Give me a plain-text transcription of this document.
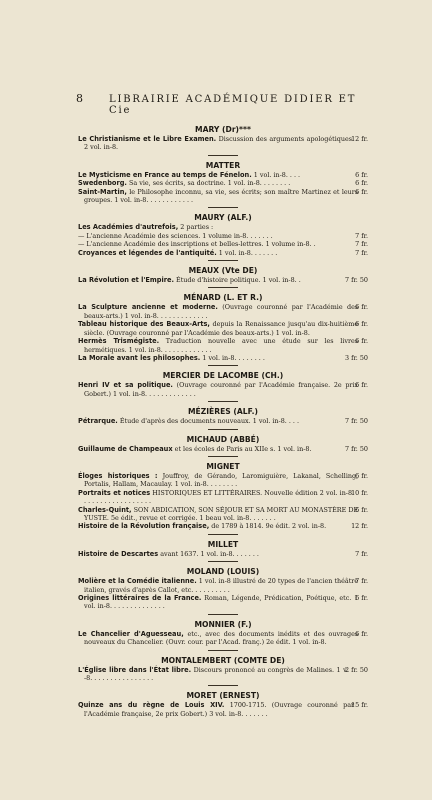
8	LIBRAIRIE ACADÉMIQUE DIDIER ET Cie
MARY (Dr)***
12 fr.
Le Christianisme et le Libre Examen. Discussion des arguments apologétiques. 2 vol. in-8.
MATTER
6 fr.
Le Mysticisme en France au temps de Fénelon. 1 vol. in-8. . . .
6 fr.
Swedenborg. Sa vie, ses écrits, sa doctrine. 1 vol. in-8. . . . . . . .
6 fr.
Saint-Martin, le Philosophe inconnu, sa vie, ses écrits; son maître Martinez et leurs groupes. 1 vol. in-8. . . . . . . . . . . .
MAURY (ALF.)
Les Académies d'autrefois, 2 parties :
7 fr.
— L'ancienne Académie des sciences. 1 volume in-8. . . . . . .
7 fr.
— L'ancienne Académie des inscriptions et belles-lettres. 1 volume in-8. .
7 fr.
Croyances et légendes de l'antiquité. 1 vol. in-8. . . . . . .
MEAUX (Vte DE)
7 fr. 50
La Révolution et l'Empire. Étude d'histoire politique. 1 vol. in-8. .
MÉNARD (L. ET R.)
6 fr.
La Sculpture ancienne et moderne. (Ouvrage couronné par l'Académie des beaux-arts.) 1 vol. in-8. . . . . . . . . . . . .
6 fr.
Tableau historique des Beaux-Arts, depuis la Renaissance jusqu'au dix-huitième siècle. (Ouvrage couronné par l'Académie des beaux-arts.) 1 vol. in-8.
6 fr.
Hermès Trismégiste. Traduction nouvelle avec une étude sur les livres hermétiques. 1 vol. in-8. . . . . . . . . . . . .
3 fr. 50
La Morale avant les philosophes. 1 vol. in-8. . . . . . . .
MERCIER DE LACOMBE (CH.)
6 fr.
Henri IV et sa politique. (Ouvrage couronné par l'Académie française. 2e prix Gobert.) 1 vol. in-8. . . . . . . . . . . . .
MÉZIÈRES (ALF.)
7 fr. 50
Pétrarque. Étude d'après des documents nouveaux. 1 vol. in-8. . . .
MICHAUD (ABBÉ)
7 fr. 50
Guillaume de Champeaux et les écoles de Paris au XIIe s. 1 vol. in-8.
MIGNET
6 fr.
Éloges historiques : Jouffroy, de Gérando, Laromiguière, Lakanal, Schelling, Portalis, Hallam, Macaulay. 1 vol. in-8. . . . . . . .
10 fr.
Portraits et notices HISTORIQUES ET LITTÉRAIRES. Nouvelle édition 2 vol. in-8. . . . . . . . . . . . . . . . . .
6 fr.
Charles-Quint, SON ABDICATION, SON SÉJOUR ET SA MORT AU MONASTÈRE DE YUSTE. 5e édit., revue et corrigée. 1 beau vol. in-8. . . . . . .
12 fr.
Histoire de la Révolution française, de 1789 à 1814. 9e édit. 2 vol. in-8.
MILLET
7 fr.
Histoire de Descartes avant 1637. 1 vol. in-8. . . . . . .
MOLAND (LOUIS)
7 fr.
Molière et la Comédie italienne. 1 vol. in-8 illustré de 20 types de l'ancien théâtre italien, gravés d'après Callot, etc. . . . . . . . . .
6 fr.
Origines littéraires de la France. Roman, Légende, Prédication, Poétique, etc. 1 vol. in-8. . . . . . . . . . . . . .
MONNIER (F.)
6 fr.
Le Chancelier d'Aguesseau, etc., avec des documents inédits et des ouvrages nouveaux du Chancelier. (Ouvr. cour. par l'Acad. franç.) 2e édit. 1 vol. in-8.
MONTALEMBERT (COMTE DE)
2 fr. 50
L'Église libre dans l'État libre. Discours prononcé au congrès de Malines. 1 v. -8. . . . . . . . . . . . . . . .
MORET (ERNEST)
15 fr.
Quinze ans du règne de Louis XIV. 1700-1715. (Ouvrage couronné par l'Académie française, 2e prix Gobert.) 3 vol. in-8. . . . . . .
